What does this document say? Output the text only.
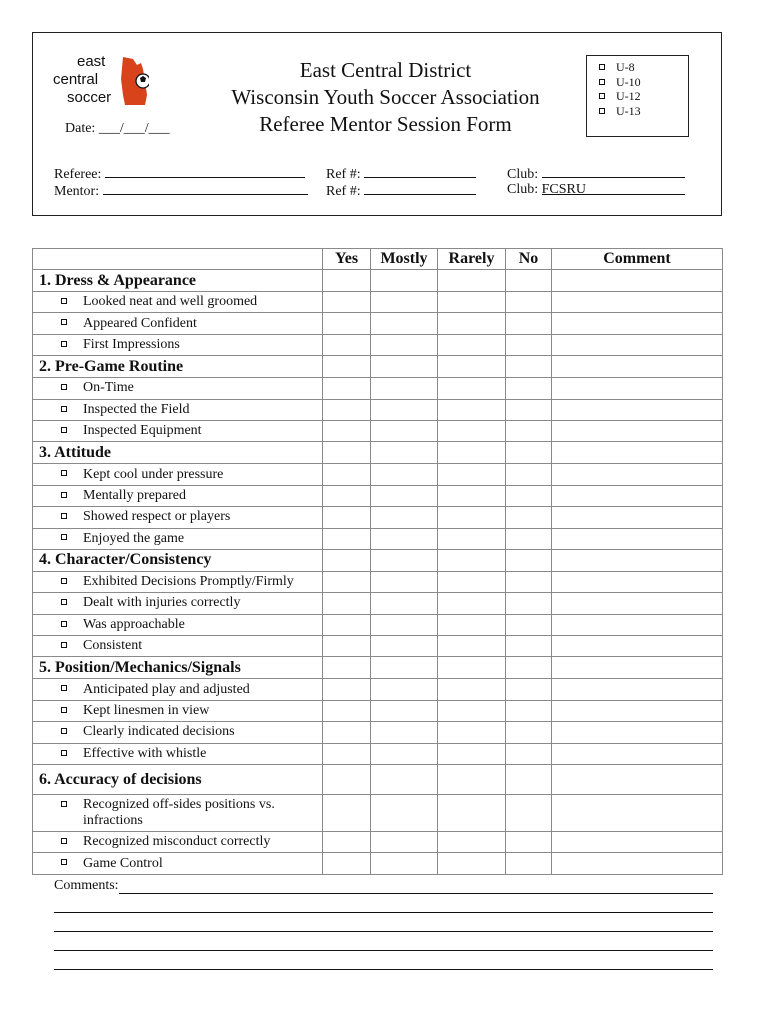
east
central
soccer
Date: ___/___/___
East Central District
Wisconsin Youth Soccer Association
Referee Mentor Session Form
U-8
U-10
U-12
U-13
Referee:
Mentor:
Ref #:
Ref #:
Club:
Club: FCSRU
	Yes	Mostly	Rarely	No	Comment
1. Dress & Appearance					
Looked neat and well groomed					
Appeared Confident					
First Impressions					
2. Pre-Game Routine					
On-Time					
Inspected the Field					
Inspected Equipment					
3. Attitude					
Kept cool under pressure					
Mentally prepared					
Showed respect or players					
Enjoyed the game					
4. Character/Consistency					
Exhibited Decisions Promptly/Firmly					
Dealt with injuries correctly					
Was approachable					
Consistent					
5. Position/Mechanics/Signals					
Anticipated play and adjusted					
Kept linesmen in view					
Clearly indicated decisions					
Effective with whistle					
6. Accuracy of decisions					

Recognized off-sides positions vs. infractions					

Recognized misconduct correctly					
Game Control					
Comments:
